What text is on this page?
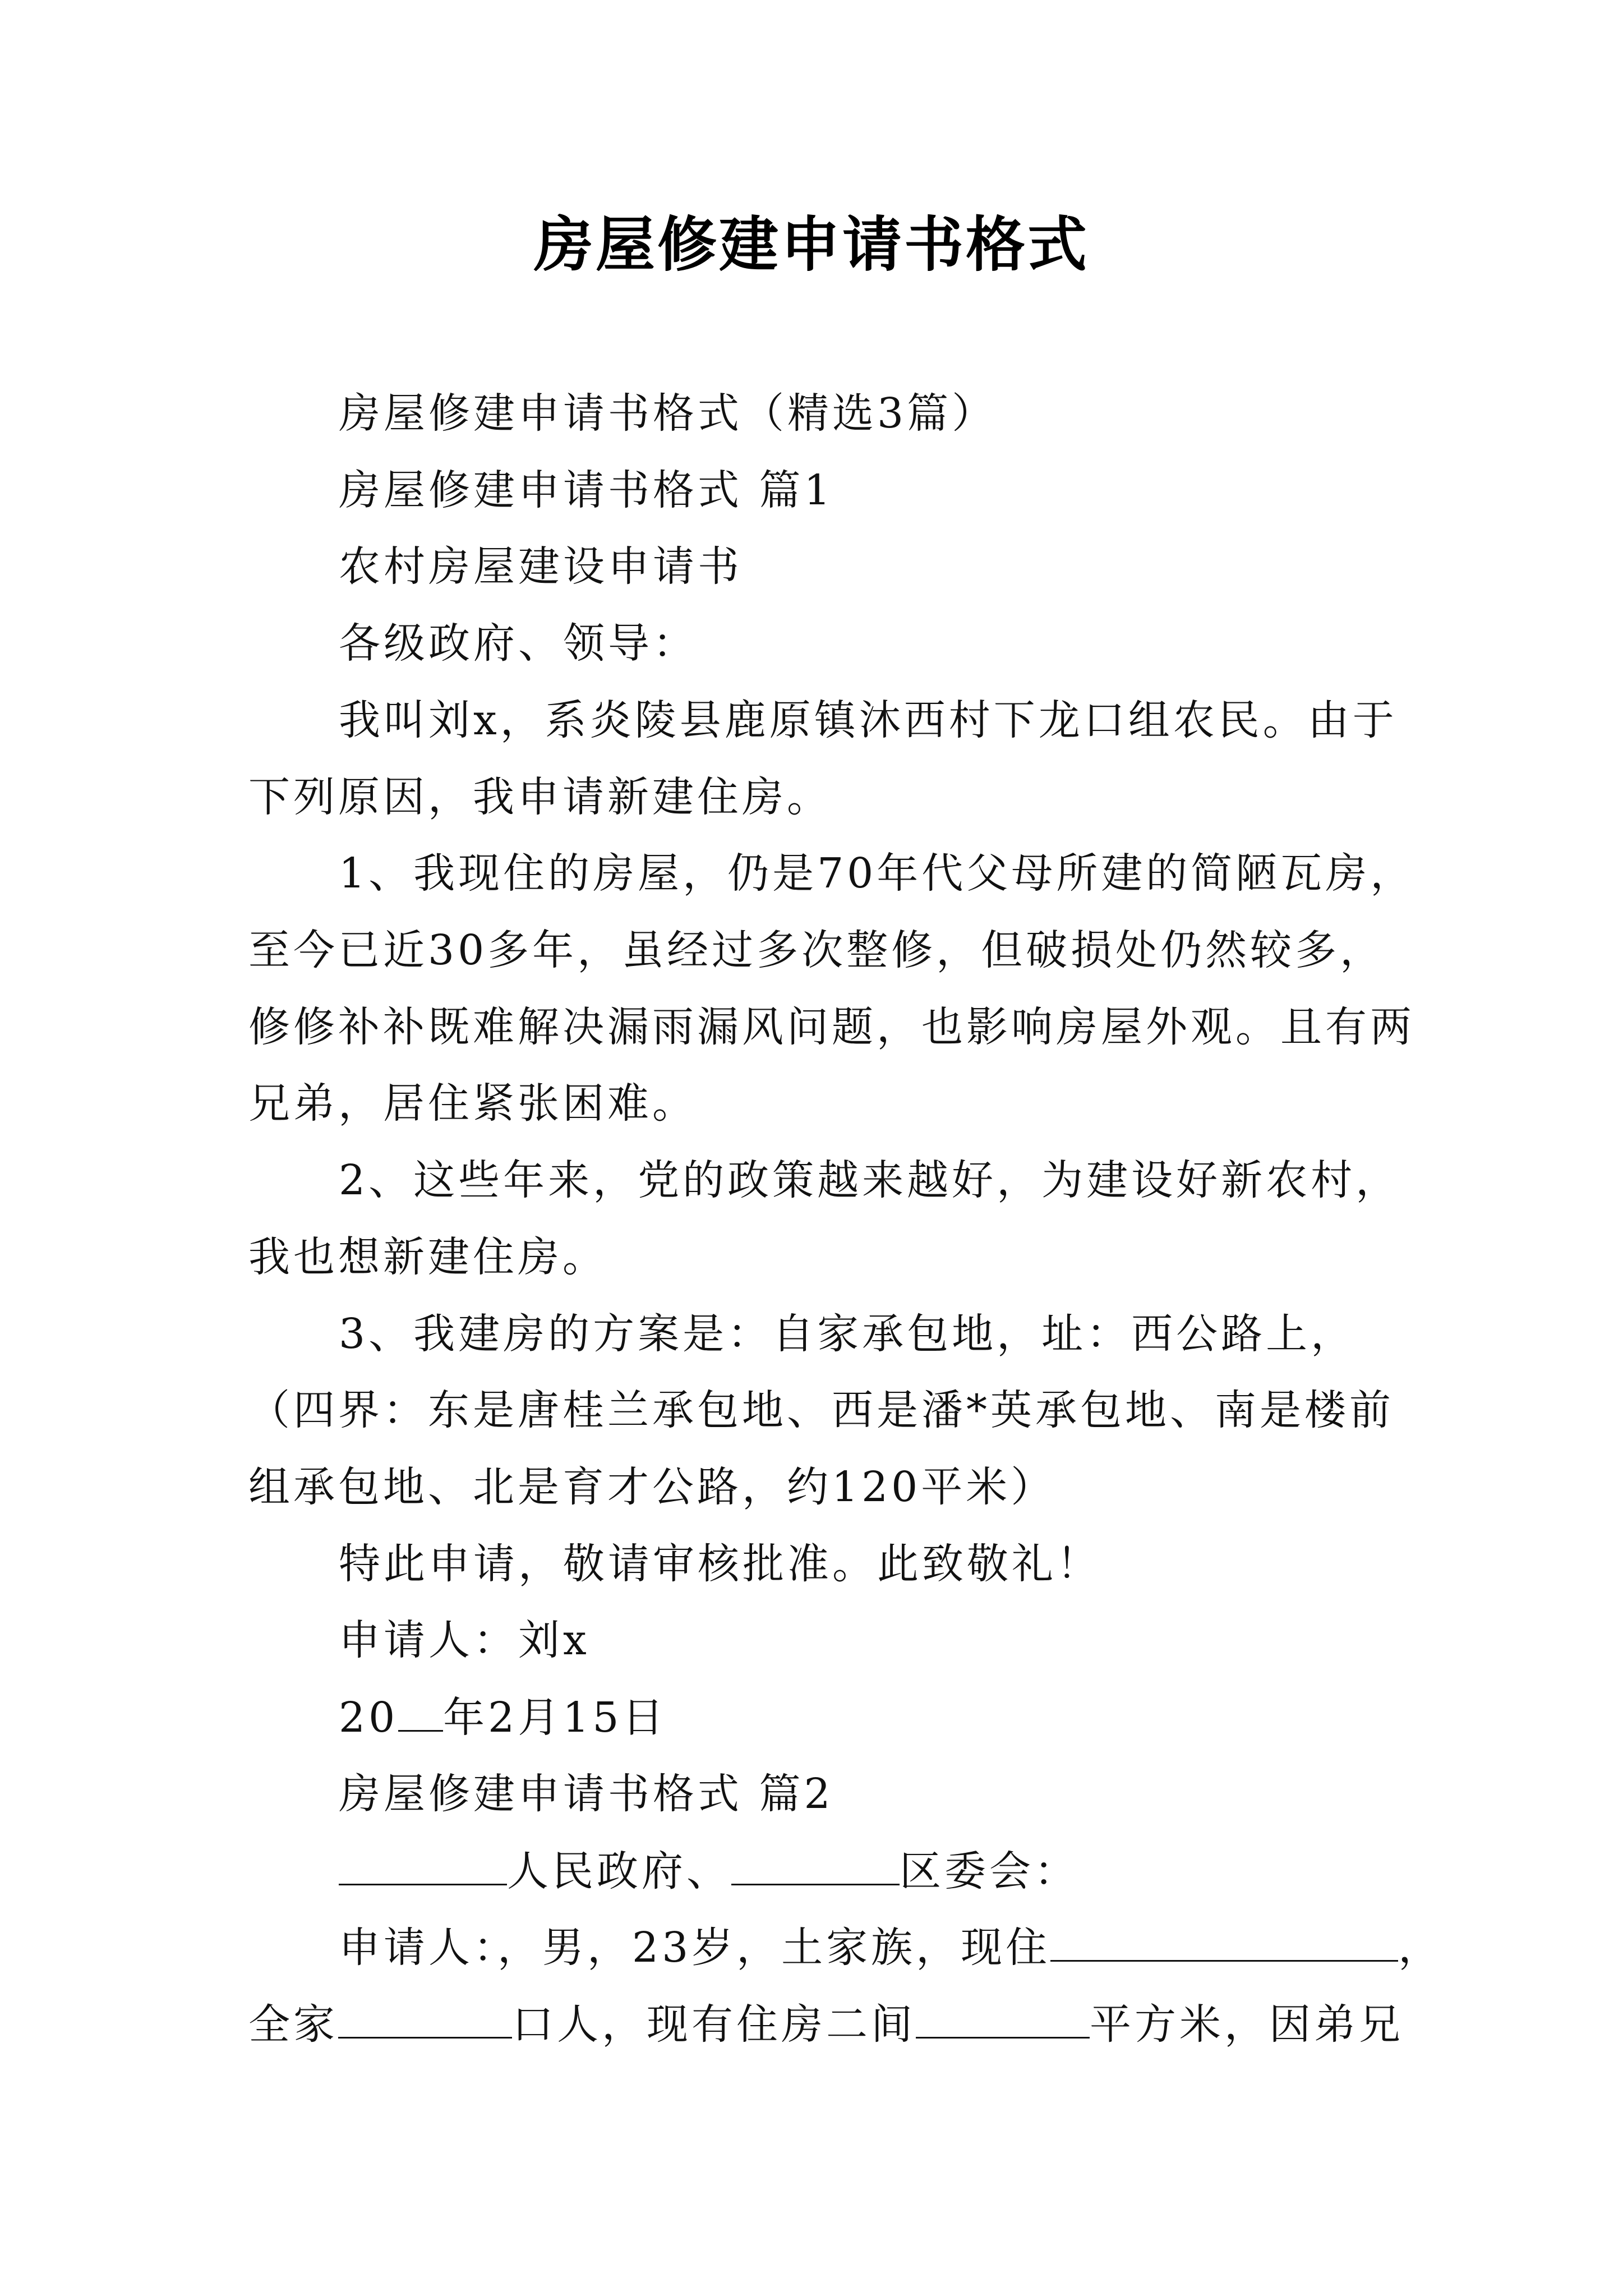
房屋修建申请书格式
房屋修建申请书格式（精选3篇）
房屋修建申请书格式 篇1
农村房屋建设申请书
各级政府、领导：
我叫刘x，系炎陵县鹿原镇沐西村下龙口组农民。由于
下列原因，我申请新建住房。
1、我现住的房屋，仍是70年代父母所建的简陋瓦房，
至今已近30多年，虽经过多次整修，但破损处仍然较多，
修修补补既难解决漏雨漏风问题，也影响房屋外观。且有两
兄弟，居住紧张困难。
2、这些年来，党的政策越来越好，为建设好新农村，
我也想新建住房。
3、我建房的方案是：自家承包地，址：西公路上，
（四界：东是唐桂兰承包地、西是潘*英承包地、南是楼前
组承包地、北是育才公路，约120平米）
特此申请，敬请审核批准。此致敬礼！
申请人：刘x
20 年2月15日
房屋修建申请书格式 篇2
人民政府、	区委会：
申请人：，男，23岁，土家族，现住	，
全家	口人，现有住房二间	平方米，因弟兄
